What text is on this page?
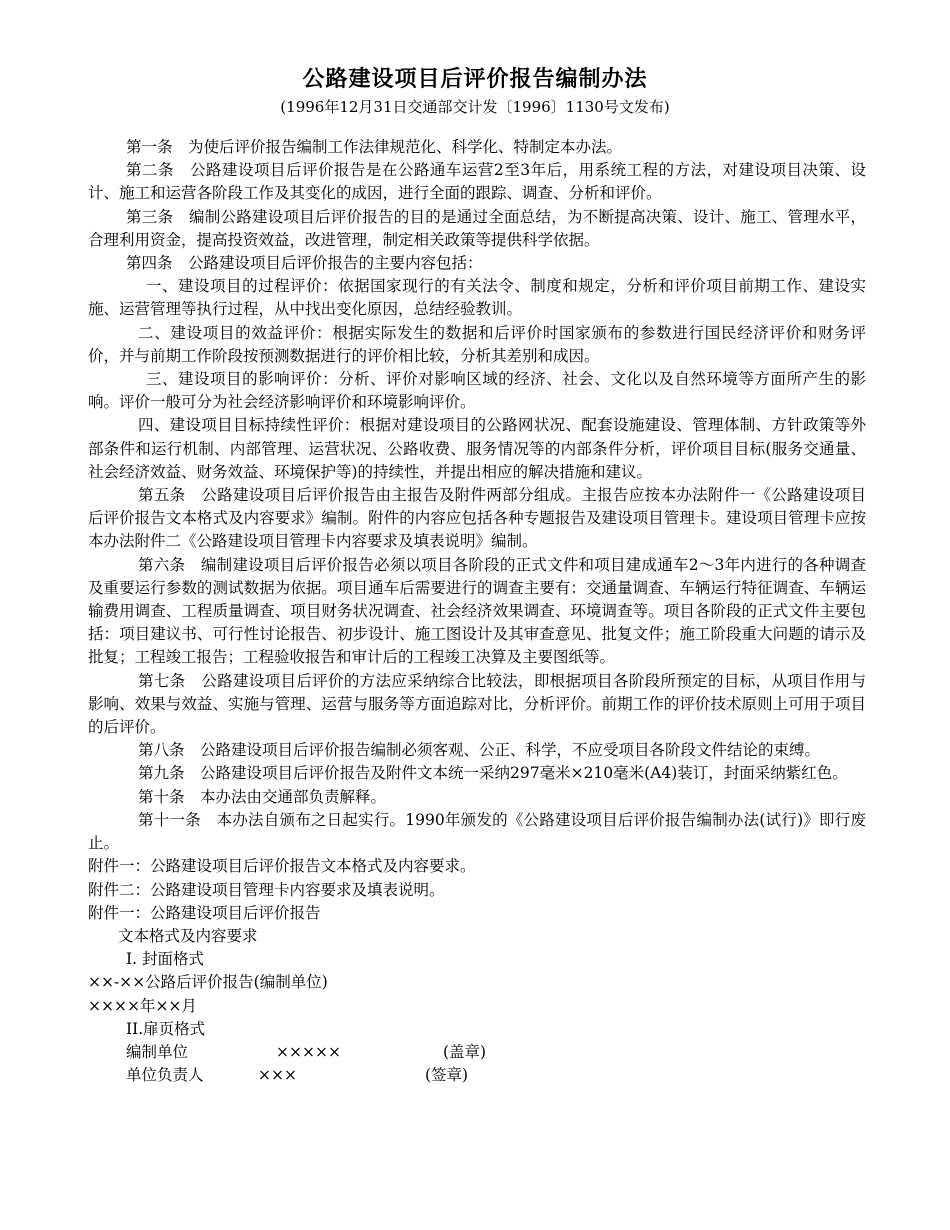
公路建设项目后评价报告编制办法
(1996年12月31日交通部交计发〔1996〕1130号文发布)

第一条　为使后评价报告编制工作法律规范化、科学化、特制定本办法。

第二条　公路建设项目后评价报告是在公路通车运营2至3年后，用系统工程的方法，对建设项目决策、设计、施工和运营各阶段工作及其变化的成因，进行全面的跟踪、调查、分析和评价。

第三条　编制公路建设项目后评价报告的目的是通过全面总结，为不断提高决策、设计、施工、管理水平，合理利用资金，提高投资效益，改进管理，制定相关政策等提供科学依据。

第四条　公路建设项目后评价报告的主要内容包括：

一、建设项目的过程评价：依据国家现行的有关法令、制度和规定，分析和评价项目前期工作、建设实施、运营管理等执行过程，从中找出变化原因，总结经验教训。

二、建设项目的效益评价：根据实际发生的数据和后评价时国家颁布的参数进行国民经济评价和财务评价，并与前期工作阶段按预测数据进行的评价相比较，分析其差别和成因。

三、建设项目的影响评价：分析、评价对影响区域的经济、社会、文化以及自然环境等方面所产生的影响。评价一般可分为社会经济影响评价和环境影响评价。

四、建设项目目标持续性评价：根据对建设项目的公路网状况、配套设施建设、管理体制、方针政策等外部条件和运行机制、内部管理、运营状况、公路收费、服务情况等的内部条件分析，评价项目目标(服务交通量、社会经济效益、财务效益、环境保护等)的持续性，并提出相应的解决措施和建议。

第五条　公路建设项目后评价报告由主报告及附件两部分组成。主报告应按本办法附件一《公路建设项目后评价报告文本格式及内容要求》编制。附件的内容应包括各种专题报告及建设项目管理卡。建设项目管理卡应按本办法附件二《公路建设项目管理卡内容要求及填表说明》编制。

第六条　编制建设项目后评价报告必须以项目各阶段的正式文件和项目建成通车2～3年内进行的各种调查及重要运行参数的测试数据为依据。项目通车后需要进行的调查主要有：交通量调查、车辆运行特征调查、车辆运输费用调查、工程质量调查、项目财务状况调查、社会经济效果调查、环境调查等。项目各阶段的正式文件主要包括：项目建议书、可行性讨论报告、初步设计、施工图设计及其审查意见、批复文件；施工阶段重大问题的请示及批复；工程竣工报告；工程验收报告和审计后的工程竣工决算及主要图纸等。

第七条　公路建设项目后评价的方法应采纳综合比较法，即根据项目各阶段所预定的目标，从项目作用与影响、效果与效益、实施与管理、运营与服务等方面追踪对比，分析评价。前期工作的评价技术原则上可用于项目的后评价。

第八条　公路建设项目后评价报告编制必须客观、公正、科学，不应受项目各阶段文件结论的束缚。

第九条　公路建设项目后评价报告及附件文本统一采纳297毫米×210毫米(A4)装订，封面采纳紫红色。

第十条　本办法由交通部负责解释。

第十一条　本办法自颁布之日起实行。1990年颁发的《公路建设项目后评价报告编制办法(试行)》即行废止。

附件一：公路建设项目后评价报告文本格式及内容要求。

附件二：公路建设项目管理卡内容要求及填表说明。

附件一：公路建设项目后评价报告

文本格式及内容要求

I. 封面格式

××-××公路后评价报告(编制单位)

××××年××月

II.扉页格式

编制单位	×××××	(盖章)
单位负责人	×××	(签章)
